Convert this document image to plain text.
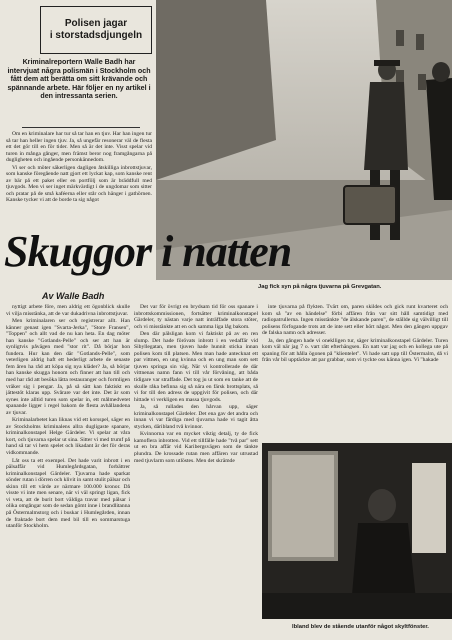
Polisen jagar
i storstadsdjungeln
Kriminalreportern Walle Badh har intervjuat några polismän i Stockholm och fått dem att berätta om sitt krävande och spännande arbete. Här följer en ny artikel i den intressanta serien.

Om en kriminalare har tur så tar han en tjuv. Har han ingen tur så tar han heller ingen tjuv. Ja, så ungefär resonerar väl de flesta ett det gör till en för tider. Men så är det inte. Visst spelar vid turen in många gånger, men främst beror nog framgångarna på dugligheten och ingående personkännedom.

Vi ser och möter säkerligen dagligen åtskilliga inbrottstjuvar, som kanske föregående natt gjort ett lyckat kap, som kanske rent av bär på ett paket eller en portfölj som är bräddfull med tjuvgods. Men vi ser inget märkvärdigt i de ungdomar som sitter och pratar på de små kaféerna eller står och hänger i gathörnen. Kanske tycker vi att de borde ta sig något

Jag fick syn på några tjuvarna på Grevgatan.
Skuggor i natten
Av Walle Badh

nyttigt arbete före, men aldrig ett ögonblick skulle vi vilja misstänka, att de var dukadrivna inbrottstjuvar.

Men kriminalaren ser och registrerar allt. Han känner genast igen "Svarta-Jerka", "Store Fransen", "Toppen" och allt vad de nu kan heta. En dag möter han kanske "Gotlands-Pelle" och ser att han är synligtvis påvägen med "stor rit". Då börjar hon fundera. Hur kan den där "Gotlands-Pelle", som veterligen aldrig haft ett hederligt arbete de senaste fem åren ha råd att köpa sig nya kläder? Ja, så börjar han kanske skugga honom och finner att han till och med har råd att besöka lätta restauranger och formligen vräker sig i pengar. Ja, på så sätt kan faktiskt en jättestöt klaras upp. Svårare var det inte. Det är som synes inte alltid turen som spelar in, ett målmedvetet spanande ligger i regel bakom de flesta avhållandena av tjuvar.

Kriminalarbetet kan liknas vid ett korsspel, säger en av Stockholms kriminalens allra dugligaste spanare, kriminalkonstapel Helge Gärdeler. Vi spelar at våra kort, och tjuvarna spelar ut sina. Sitter vi med trumf på hand så tar vi hem spelet och likadant är det för deras vidkommande.

Låt oss ta ett exempel. Det hade varit inbrott i en pälsaffär vid Humlegårdsgatan, forbättrer kriminalkonstapel Gärdeler. Tjuvarna hade sparkat sönder rutan i dörren och klivit in samt stulit pälsar och skinn till ett värde av närmare 100.000 kronor. Då visste vi inte men senare, när vi väl springt ligan, fick vi veta, att de burit bort väldiga travar med pälsar i olika omgångar som de sedan gömt inne i brandlitanna på Östermalmstorg och i buskar i Humlegården, innan de fraktade bort dem med bil till en sommarstuga utanför Stockholm.

Det var för övrigt en brydsam tid för oss spanare i inbrottskommissionen, fortsätter kriminalkonstapel Gärdeler, ty nästan varje natt inträffade stora stöter, och vi misstänkte att en och samma liga låg bakom.

Den där pälsligan kom vi faktiskt på av en ren slump. Det hade förövats inbrott i en vedaffär vid Sibyllegatan, men tjuven hade hunnit sticka innan polisen kom till platsen. Men man hade antecknat ett par vittnen, en ung kvinna och en ung man som sett tjuven springa sin väg. När vi kontrollerade de där vittnenas namn fann vi till vår förvåning, att båda tidigare var straffade. Det tog ju ut som en tanke att de skulle råka befinna sig så nära en färsk brottsplats, så vi for till den adress de uppgivit för polisen, och där hittade vi verkligen en massa tjuvgods.

Ja, så rullades den hårvan upp, säger kriminalkonstapel Gärdeler. Det ena gav det andra och innan vi var färdiga med tjuvarna hade vi tagit åtta stycken, däribland två kvinnor.

Kvinnorna var en mycket viktig detalj, ty de fick kamoflera inbrotten. Vid ett tillfälle hade "två par" sett ut en bra affär vid Karibergsvägen som de tänkte plundra. De krossade rutan men affären var utrustad med tjuvlarm som utlöstes. Men det skrämde

inte tjuvarna på flykten. Tvärt om, paren skildes och gick runt kvarteret och kom så "av en händelse" förbi affären från var sitt håll samtidigt med radiopatrullerna. Ingen misstänkte "de älskande paren", de ställde sig välvilligt till polisens förfogande trots att de inte sett eller hört något. Men den gängen uppgav de falska namn och adresser.

Ja, den gången hade vi oneklligen tur, säger kriminalkonstapel Gärdeler. Turen kom väl när jag 7 o. vart rätt efterhängsen. En natt var jag och en kollega ute på spaning för att hålla ögonen på "klientelet". Vi hade satt upp till Östermalm, då vi från vår bil upptäckte att par grabbar, som vi tyckte oss känna igen. Vi "hakade

Ibland blev de stående utanför något skyltfönster.
